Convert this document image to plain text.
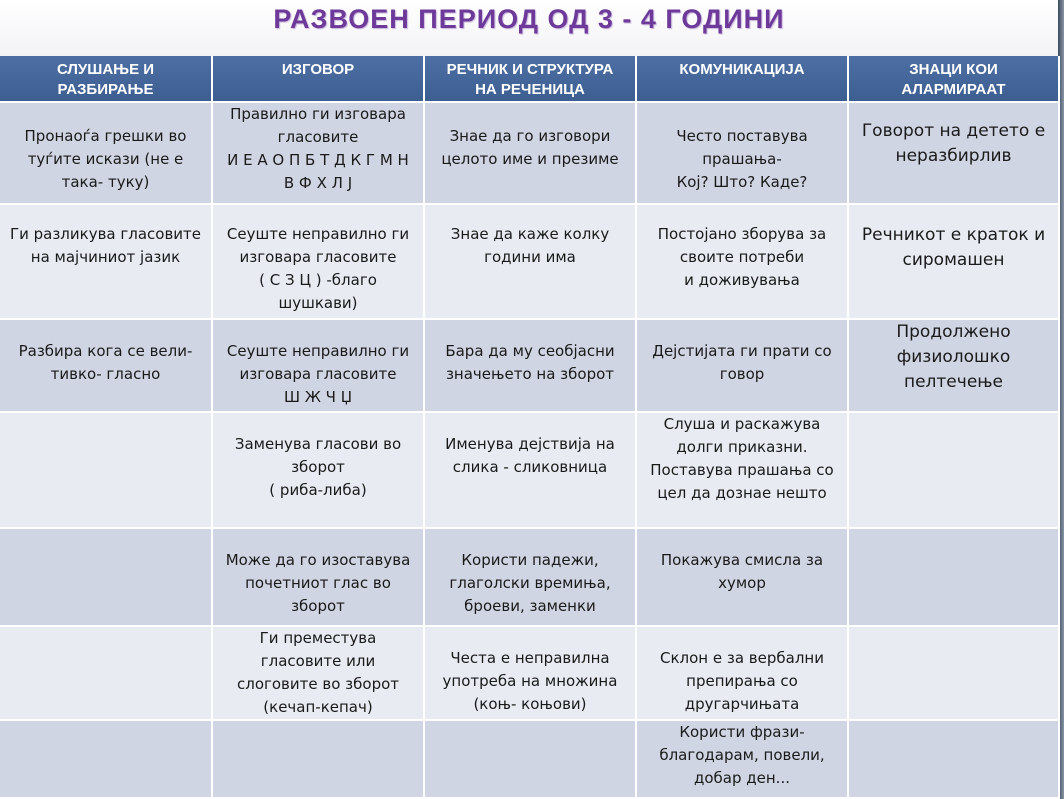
РАЗВОЕН ПЕРИОД ОД 3 - 4 ГОДИНИ
СЛУШАЊЕ И
РАЗБИРАЊЕ
ИЗГОВОР	РЕЧНИК И СТРУКТУРА
НА РЕЧЕНИЦА
КОМУНИКАЦИЈА	ЗНАЦИ КОИ
АЛАРМИРААТ
Пронаоѓа грешки во
туѓите искази (не е
така- туку)
Правилно ги изговара
гласовите
И Е А О П Б Т Д К Г М Н
В Ф Х Л Ј
Знае да го изговори
целото име и презиме
Често поставува
прашања-
Кој? Што? Каде?
Говорот на детето е
неразбирлив
Ги разликува гласовите
на мајчиниот јазик
Сеуште неправилно ги
изговара гласовите
( С З Ц ) -благо
шушкави)
Знае да каже колку
години има
Постојано зборува за
своите потреби
и доживувања
Речникот е краток и
сиромашен
Разбира кога се вели-
тивко- гласно
Сеуште неправилно ги
изговара гласовите
Ш Ж Ч Џ
Бара да му сеобјасни
значењето на зборот
Дејстијата ги прати со
говор
Продолжено
физиолошко
пелтечење
Заменува гласови во
зборот
( риба-либа)
Именува дејствија на
слика - сликовница
Слуша и раскажува
долги приказни.
Поставува прашања со
цел да дознае нешто
Може да го изоставува
почетниот глас во
зборот
Користи падежи,
глаголски времиња,
броеви, заменки
Покажува смисла за
хумор
Ги преместува
гласовите или
слоговите во зборот
(кечап-кепач)
Честа е неправилна
употреба на множина
(коњ- коњови)
Склон е за вербални
препирања со
другарчињата
Користи фрази-
благодарам, повели,
добар ден...
